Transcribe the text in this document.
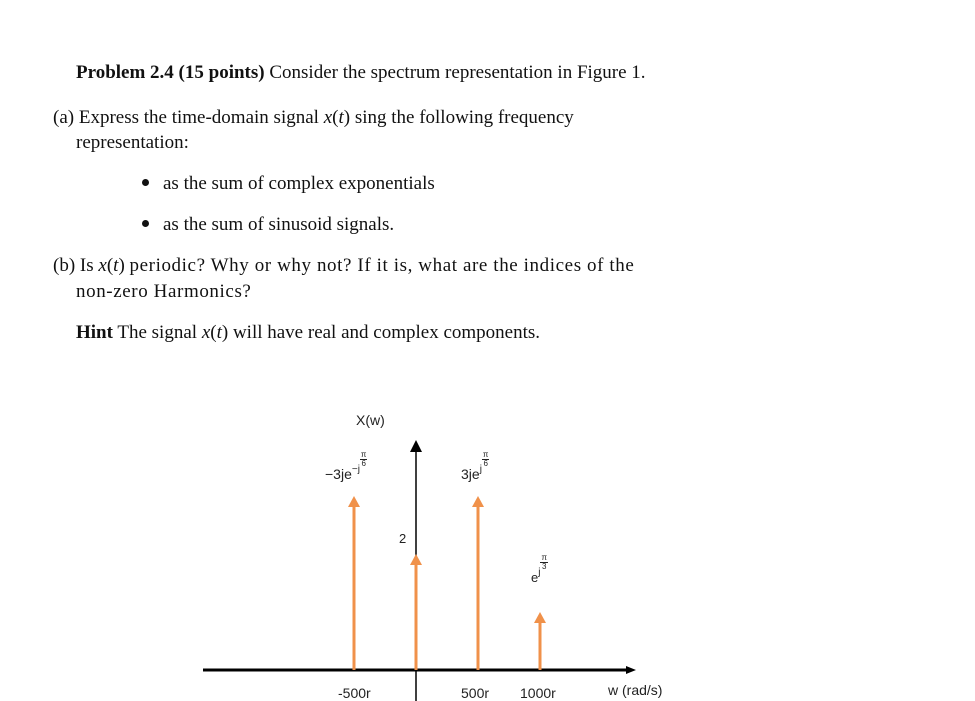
Problem 2.4 (15 points) Consider the spectrum representation in Figure 1.
(a) Express the time-domain signal x(t) sing the following frequency
representation:
as the sum of complex exponentials
as the sum of sinusoid signals.
(b) Is x(t) periodic? Why or why not? If it is, what are the indices of the
non-zero Harmonics?
Hint The signal x(t) will have real and complex components.
X(w)
$-3je^{-j \frac{\pi}{6}}$
2
$3je^{j \frac{\pi}{6}}$
$e^{j \frac{\pi}{3}}$
-500r	500r 1000r	w (rad/s)
